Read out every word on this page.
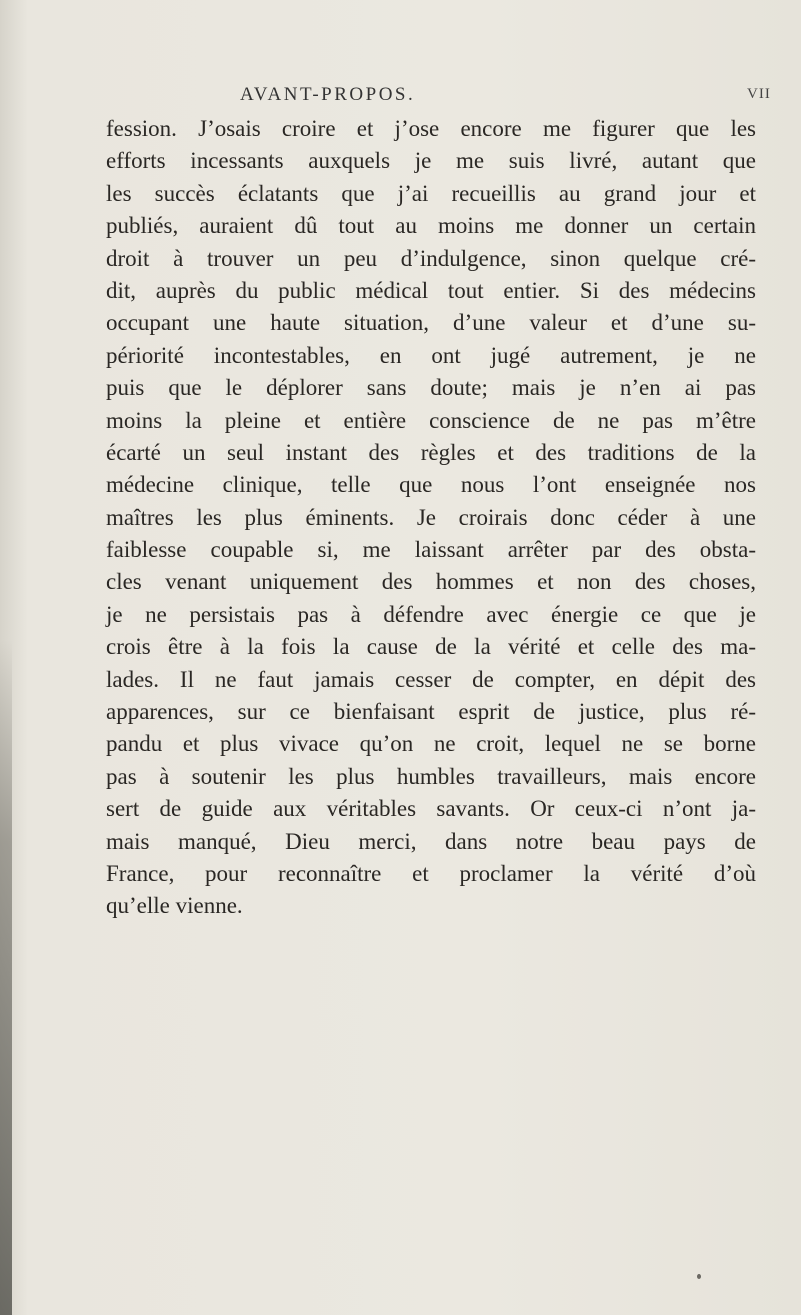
AVANT-PROPOS.	VII
fession. J’osais croire et j’ose encore me figurer que les
efforts incessants auxquels je me suis livré, autant que
les succès éclatants que j’ai recueillis au grand jour et
publiés, auraient dû tout au moins me donner un certain
droit à trouver un peu d’indulgence, sinon quelque cré-
dit, auprès du public médical tout entier. Si des médecins
occupant une haute situation, d’une valeur et d’une su-
périorité incontestables, en ont jugé autrement, je ne
puis que le déplorer sans doute; mais je n’en ai pas
moins la pleine et entière conscience de ne pas m’être
écarté un seul instant des règles et des traditions de la
médecine clinique, telle que nous l’ont enseignée nos
maîtres les plus éminents. Je croirais donc céder à une
faiblesse coupable si, me laissant arrêter par des obsta-
cles venant uniquement des hommes et non des choses,
je ne persistais pas à défendre avec énergie ce que je
crois être à la fois la cause de la vérité et celle des ma-
lades. Il ne faut jamais cesser de compter, en dépit des
apparences, sur ce bienfaisant esprit de justice, plus ré-
pandu et plus vivace qu’on ne croit, lequel ne se borne
pas à soutenir les plus humbles travailleurs, mais encore
sert de guide aux véritables savants. Or ceux-ci n’ont ja-
mais manqué, Dieu merci, dans notre beau pays de
France, pour reconnaître et proclamer la vérité d’où
qu’elle vienne.
